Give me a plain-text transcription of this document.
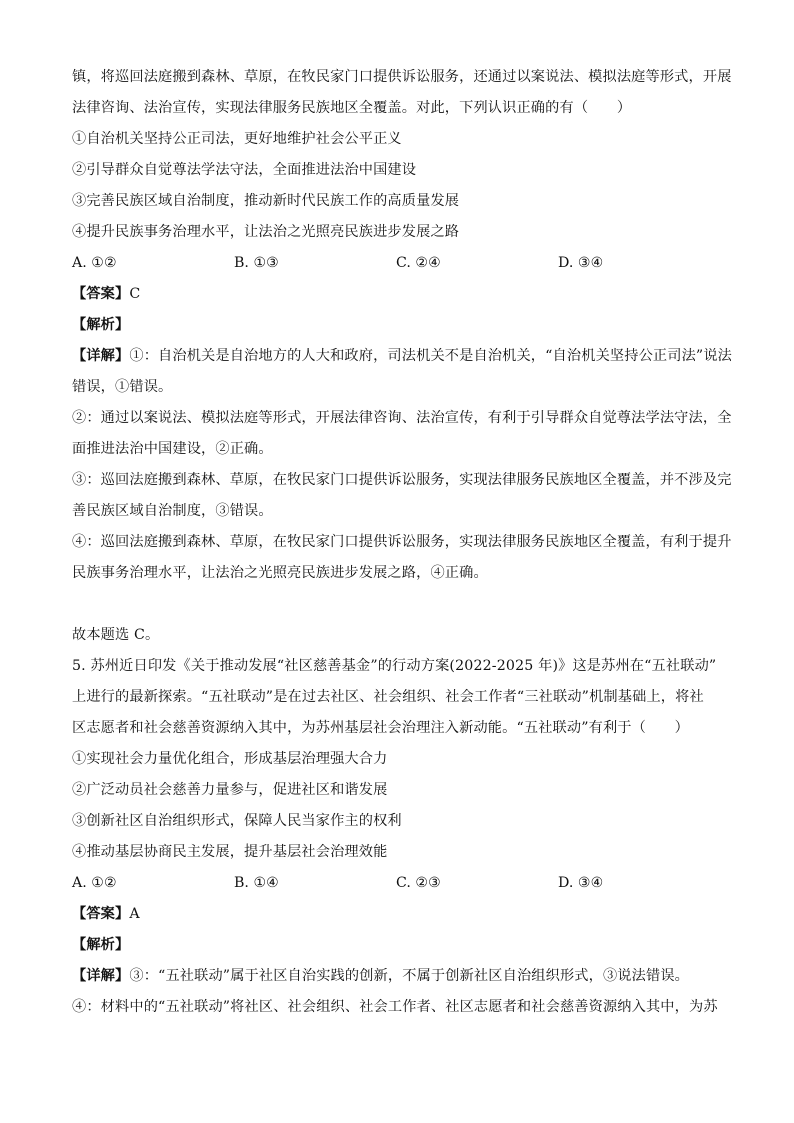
镇，将巡回法庭搬到森林、草原，在牧民家门口提供诉讼服务，还通过以案说法、模拟法庭等形式，开展
法律咨询、法治宣传，实现法律服务民族地区全覆盖。对此，下列认识正确的有（　　）
①自治机关坚持公正司法，更好地维护社会公平正义
②引导群众自觉尊法学法守法，全面推进法治中国建设
③完善民族区域自治制度，推动新时代民族工作的高质量发展
④提升民族事务治理水平，让法治之光照亮民族进步发展之路
A. ①②	B. ①③	C. ②④	D. ③④
【答案】C
【解析】
【详解】①：自治机关是自治地方的人大和政府，司法机关不是自治机关，“自治机关坚持公正司法”说法
错误，①错误。
②：通过以案说法、模拟法庭等形式，开展法律咨询、法治宣传，有利于引导群众自觉尊法学法守法，全
面推进法治中国建设，②正确。
③：巡回法庭搬到森林、草原，在牧民家门口提供诉讼服务，实现法律服务民族地区全覆盖，并不涉及完
善民族区域自治制度，③错误。
④：巡回法庭搬到森林、草原，在牧民家门口提供诉讼服务，实现法律服务民族地区全覆盖，有利于提升
民族事务治理水平，让法治之光照亮民族进步发展之路，④正确。
故本题选 C。
5. 苏州近日印发《关于推动发展“社区慈善基金”的行动方案(2022-2025 年)》这是苏州在“五社联动”
上进行的最新探索。“五社联动”是在过去社区、社会组织、社会工作者“三社联动”机制基础上，将社
区志愿者和社会慈善资源纳入其中，为苏州基层社会治理注入新动能。“五社联动”有利于（　　）
①实现社会力量优化组合，形成基层治理强大合力
②广泛动员社会慈善力量参与，促进社区和谐发展
③创新社区自治组织形式，保障人民当家作主的权利
④推动基层协商民主发展，提升基层社会治理效能
A. ①②	B. ①④	C. ②③	D. ③④
【答案】A
【解析】
【详解】③：“五社联动”属于社区自治实践的创新，不属于创新社区自治组织形式，③说法错误。
④：材料中的“五社联动”将社区、社会组织、社会工作者、社区志愿者和社会慈善资源纳入其中，为苏
